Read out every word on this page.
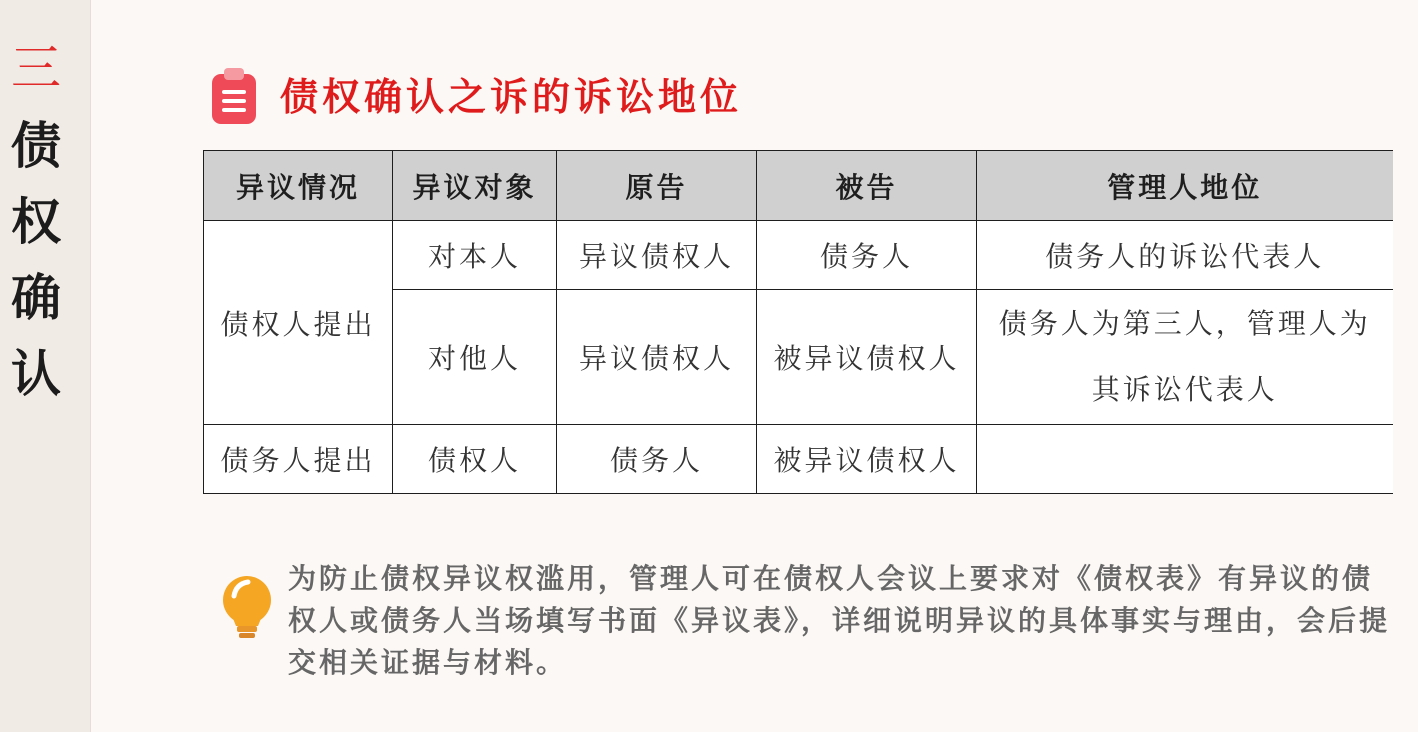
三
债
权
确
认
债权确认之诉的诉讼地位
异议情况	异议对象	原告	被告	管理人地位
债权人提出	对本人	异议债权人	债务人	债务人的诉讼代表人
	对他人	异议债权人	被异议债权人	债务人为第三人，管理人为
其诉讼代表人

债务人提出	债权人	债务人	被异议债权人	
为防止债权异议权滥用，管理人可在债权人会议上要求对《债权表》有异议的债权人或债务人当场填写书面《异议表》，详细说明异议的具体事实与理由，会后提交相关证据与材料。
